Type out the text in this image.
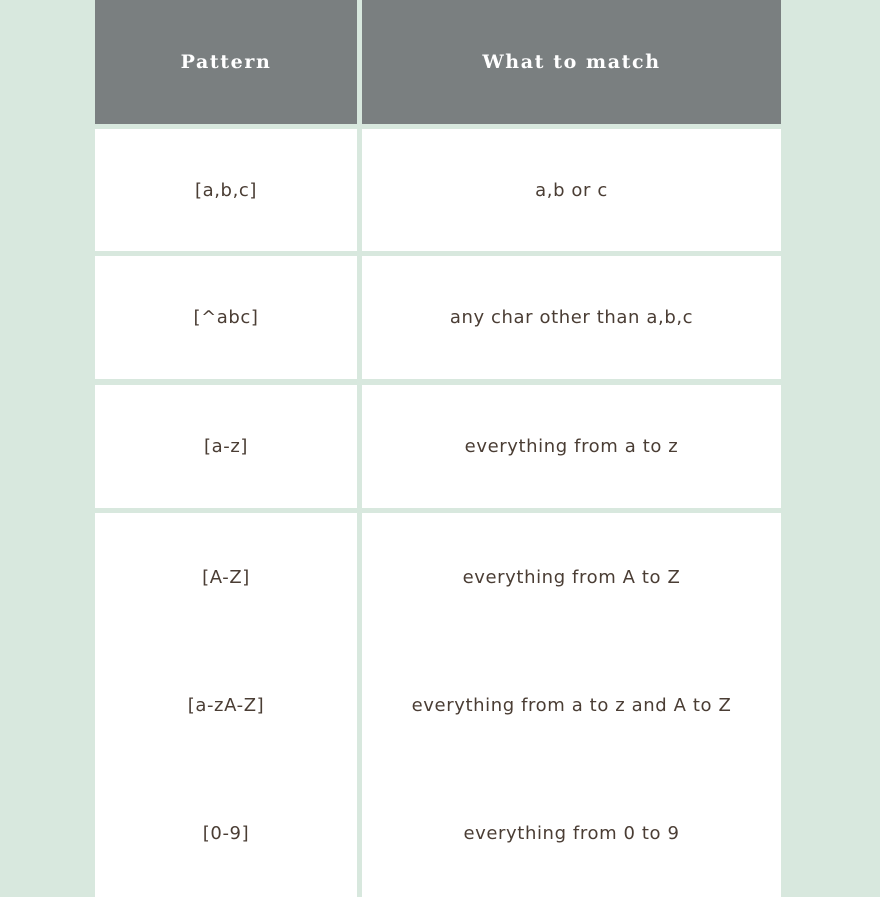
Pattern	What to match
[a,b,c]	a,b or c
[^abc]	any char other than a,b,c
[a-z]	everything from a to z
[A-Z]	everything from A to Z
[a-zA-Z]	everything from a to z and A to Z
[0-9]	everything from 0 to 9
